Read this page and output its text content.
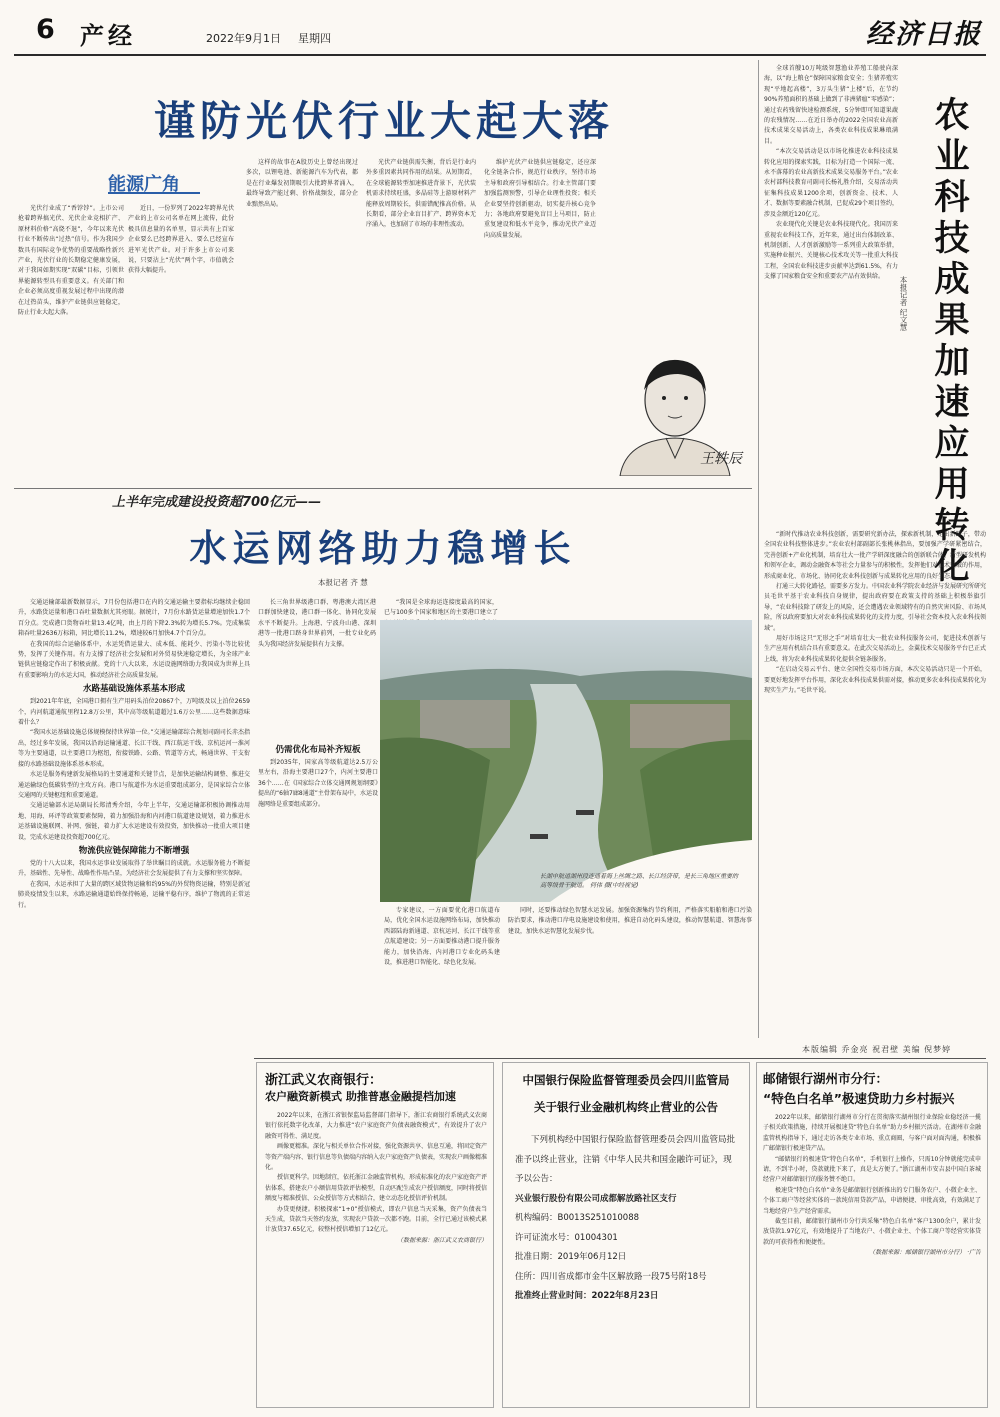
6 产经	2022年9月1日 星期四	经济日报
谨防光伏行业大起大落
能源广角

光伏行业成了“香饽饽”。上市公司抢着跨界搞光伏、光伏企业竞相扩产、原材料价格“高烧不退”，今年以来光伏行业不断传出“过热”信号。作为我国少数具有国际竞争优势的重要战略性新兴产业，光伏行业的长期稳定健康发展，对于我国如期实现“双碳”目标，引领世界能源转型具有重要意义。有关部门和企业必须高度重视发展过程中出现的潜在过热苗头，维护产业链供应链稳定，防止行业大起大落。

近日，一份罗列了2022年跨界光伏产业的上市公司名单在网上流传，此份极具信息量的名单里，显示共有上百家企业要么已经跨界进入、要么已经宣布进军光伏产业。对于许多上市公司来说，只要沾上“光伏”两个字，市值就会获得大幅提升。

这样的故事在A股历史上曾经出现过多次，以锂电池、新能源汽车为代表，都是在行业爆发初期吸引大批跨界者涌入，最终导致产能过剩、价格战频发，部分企业黯然出局。

光伏产业链供需失衡，背后是行业内外多重因素共同作用的结果。从短期看，在全球能源转型加速推进背景下，光伏装机需求持续旺盛，多晶硅等上游原材料产能释放周期较长，供需错配推高价格。从长期看，部分企业盲目扩产、跨界资本无序涌入，也加剧了市场的非理性波动。

维护光伏产业链供应链稳定，还应深化全链条合作，规范行业秩序，坚持市场主导和政府引导相结合。行业主管部门要加强监测预警，引导企业理性投资；相关企业要坚持创新驱动，切实提升核心竞争力；各地政府要避免盲目上马项目，防止重复建设和低水平竞争，推动光伏产业迈向高质量发展。

王轶辰
上半年完成建设投资超700亿元——
水运网络助力稳增长
本报记者 齐 慧

交通运输部最新数据显示，7月份包括港口在内的交通运输主要指标均继续企稳回升，水路货运量和港口吞吐量数据尤其亮眼。据统计，7月份水路货运量增速加快1.7个百分点。完成港口货物吞吐量13.4亿吨，由上月的下降2.3%转为增长5.7%。完成集装箱吞吐量2636万标箱，同比增长11.2%，增速较6月加快4.7个百分点。

在我国的综合运输体系中，水运凭借运量大、成本低、能耗少、污染小等比较优势，发挥了关键作用。有力支撑了经济社会发展和对外贸易快速稳定增长，为全球产业链供应链稳定作出了积极贡献。党的十八大以来，水运设施网络助力我国成为世界上具有重要影响力的水运大国，推动经济社会高质量发展。

水路基础设施体系基本形成

到2021年年底，全国港口拥有生产用码头泊位20867个，万吨级及以上泊位2659个，内河航道通航里程12.8万公里，其中高等级航道超过1.6万公里……这些数据意味着什么？

“我国水运基础设施总体规模保持世界第一位。”交通运输部综合规划司副司长赤杰指出，经过多年发展，我国以沿海运输通道、长江干线、西江航运干线、京杭运河一淮河等为主要通道，以主要港口为枢纽，衔接铁路、公路、管道等方式，畅通世界、干支衔接的水路基础设施体系基本形成。

水运是服务构建新发展格局的主要通道和关键节点，是加快运输结构调整、推进交通运输绿色低碳转型的主攻方向。港口与航道作为水运重要组成部分，是国家综合立体交通网的关键枢纽和重要通道。

交通运输部水运局副局长郑清秀介绍，今年上半年，交通运输部积极协调推动用地、用海、环评等政策要素保障，着力加强沿海和内河港口航道建设规划，着力推进水运基础设施联网、补网、强链，着力扩大水运建设有效投资，加快推动一批重大项目建设，完成水运建设投资超700亿元。

物流供应链保障能力不断增强

党的十八大以来，我国水运事业发展取得了举世瞩目的成就。水运服务能力不断提升，基础性、先导性、战略性作用凸显，为经济社会发展提供了有力支撑和坚实保障。

在我国，水运承担了大量的跨区域货物运输和约95%的外贸物资运输，特别是新冠肺炎疫情发生以来，水路运输通道始终保持畅通，运输平稳有序，维护了物流的正常运行。

长三角世界级港口群、粤港澳大湾区港口群加快建设，港口群一体化、协同化发展水平不断提升。上海港、宁波舟山港、深圳港等一批港口跻身世界前列，一批专业化码头为我国经济发展提供有力支撑。

“我国是全球海运连接度最高的国家，已与100多个国家和地区的主要港口建立了

仍需优化布局补齐短板

到2035年，国家高等级航道达2.5万公里左右，沿海主要港口27个，内河主要港口36个……在《国家综合立体交通网规划纲要》提出的“6轴7廊8通道”主骨架布局中，水运设施网络是重要组成部分。

长湖申航道湖州段连通着海上丝绸之路、长江经济带，是长三角地区重要的高等级骨干航道。 何伟 摄(中经视觉)

专家建议，一方面要优化港口航道布局，优化全国水运设施网络布局，加快推动西部陆海新通道、京杭运河、长江干线等重点航道建设；另一方面要推动港口提升服务能力，加快沿海、内河港口专业化码头建设，推进港口智能化、绿色化发展。

同时，还要推动绿色智慧水运发展。加强资源集约节约利用，严格落实船舶和港口污染防治要求，推动港口岸电设施建设和使用，推进自动化码头建设，推动智慧航道、智慧海事建设，加快水运智慧化发展步伐。

全球首艘10万吨级智慧渔业养殖工船驶向深海，以“海上粮仓”保障国家粮食安全；生猪养殖实现“平地起高楼”，3万头生猪“上楼”后，在节约90%养殖面积的基础上做到了非洲猪瘟“零感染”；通过农药残留快速检测系统，5分钟即可知道果蔬的农残情况……在近日举办的2022全国农业高新技术成果交易活动上，各类农业科技成果琳琅满目。

“本次交易活动是以市场化推进农业科技成果转化应用的探索实践，目标为打造一个国际一流、永不落幕的农业高新技术成果交易服务平台。”农业农村部科技教育司副司长杨礼胜介绍，交易活动共征集科技成果1200余项，创新资金、技术、人才、数据等要素融合机制，已促成29个项目签约，涉及金额近120亿元。

农业现代化关键是农业科技现代化。我国历来重视农业科技工作，近年来，通过出台体制改革、机制创新、人才创新激励等一系列重大政策举措，实施种业振兴、关键核心技术攻关等一批重大科技工程，全国农业科技进步贡献率达到61.5%，有力支撑了国家粮食安全和重要农产品有效供给。	农业科技成果加速应用转化
本报记者 纪文慧

“新时代推动农业科技创新，需要研究新办法，探索新机制，走出新路子，带动全国农业科技整体进步。”农业农村部副部长张桃林指出，要加强产学研紧密结合，完善创新+产业化机制，培育壮大一批产学研深度融合的创新联合体、新型研发机构和领军企业，调动金融资本等社会力量参与的积极性，发挥他们对技术突破的作用，形成商业化、市场化、协同化农业科技创新与成果转化应用的良好生态。

打通三大转化路径，需要多方发力。中国农业科学院农业经济与发展研究所研究员毛世平基于农业科技自身规律，提出政府要在政策支持的基础上积极举旗引导，“农业科技除了研发上的风险，还会遭遇农业领域特有的自然灾害风险、市场风险，所以政府要加大对农业科技成果转化的支持力度，引导社会资本投入农业科技领域”。

用好市场这只“无形之手”对培育壮大一批农业科技服务公司，促进技术创新与生产应用有机结合具有重要意义。在此次交易活动上，金翼技术交易服务平台已正式上线，将为农业科技成果转化提供全链条服务。

“在启动交易云平台、建立全国性交易市场方面，本次交易活动只是一个开始，要更好地发挥平台作用，深化农业科技成果供需对接，推动更多农业科技成果转化为现实生产力。”毛世平说。

本版编辑 乔金亮 祝君壁 美编 倪梦婷
浙江武义农商银行：
农户融资新模式 助推普惠金融提档加速

2022年以来，在浙江省银保监局监督部门指导下，浙江农商银行系统武义农商银行依托数字化改革，大力推进“农户家庭资产负债表融资模式”，有效提升了农户融资可得性、满足度。

画像更精准。深化与相关单位合作对接，强化资源共享、信息互通，将固定资产等资产端内容、银行信息等负债端内容纳入农户家庭资产负债表，实现农户画像精准化。

授信更科学。因地制宜，依托浙江金融监管机构，形成标准化的农户家庭资产评估体系，搭建农户小额信用贷款评估模型，自动匹配生成农户授信额度，同时将授信额度与精准授信、公众授信等方式相结合，建立动态化授信评价机制。

办贷更便捷。积极探索“1+0”授信模式，即农户信息当天采集，资产负债表当天生成，贷款当天签约发放，实现农户贷款一次都不跑。目前，全行已通过该模式累计放贷37.65亿元，较整村授信增加了12亿元。

（数据来源：浙江武义农商银行）

中国银行保险监督管理委员会四川监管局
关于银行业金融机构终止营业的公告
下列机构经中国银行保险监督管理委员会四川监管局批准予以终止营业，注销《中华人民共和国金融许可证》，现予以公告：
兴业银行股份有限公司成都解放路社区支行
机构编码：B0013S251010088
许可证流水号：01004301
批准日期：2019年06月12日
住所：四川省成都市金牛区解放路一段75号附18号
批准终止营业时间：2022年8月23日
邮储银行湖州市分行：
“特色白名单”极速贷助力乡村振兴

2022年以来，邮储银行湖州市分行在贯彻落实湖州银行业保险业稳经济一揽子相关政策措施，持续开展极速贷“特色白名单”助力乡村振兴活动。在湖州市金融监管机构指导下，通过走访各类专业市场、重点商圈，与客户面对面沟通，积极推广邮储银行极速贷产品。

“邮储银行的极速贷“特色白名单”，手机银行上操作，只需10分钟就能完成申请，不到半小时，贷款就批下来了，真是太方便了。”浙江湖州市安吉县中国白茶城经营户对邮储银行的服务赞不绝口。

极速贷“特色白名单”业务是邮储银行创新推出的专门服务农户、小微企业主、个体工商户等经营实体的一款纯信用贷款产品，申请便捷、审批高效，有效满足了当地经营户生产经营需求。

截至目前，邮储银行湖州市分行共采集“特色白名单”客户1300余户，累计发放贷款1.97亿元，有效地提升了当地农户、小微企业主、个体工商户等经营实体贷款的可获得性和便捷性。

（数据来源：邮储银行湖州市分行） ·广告
